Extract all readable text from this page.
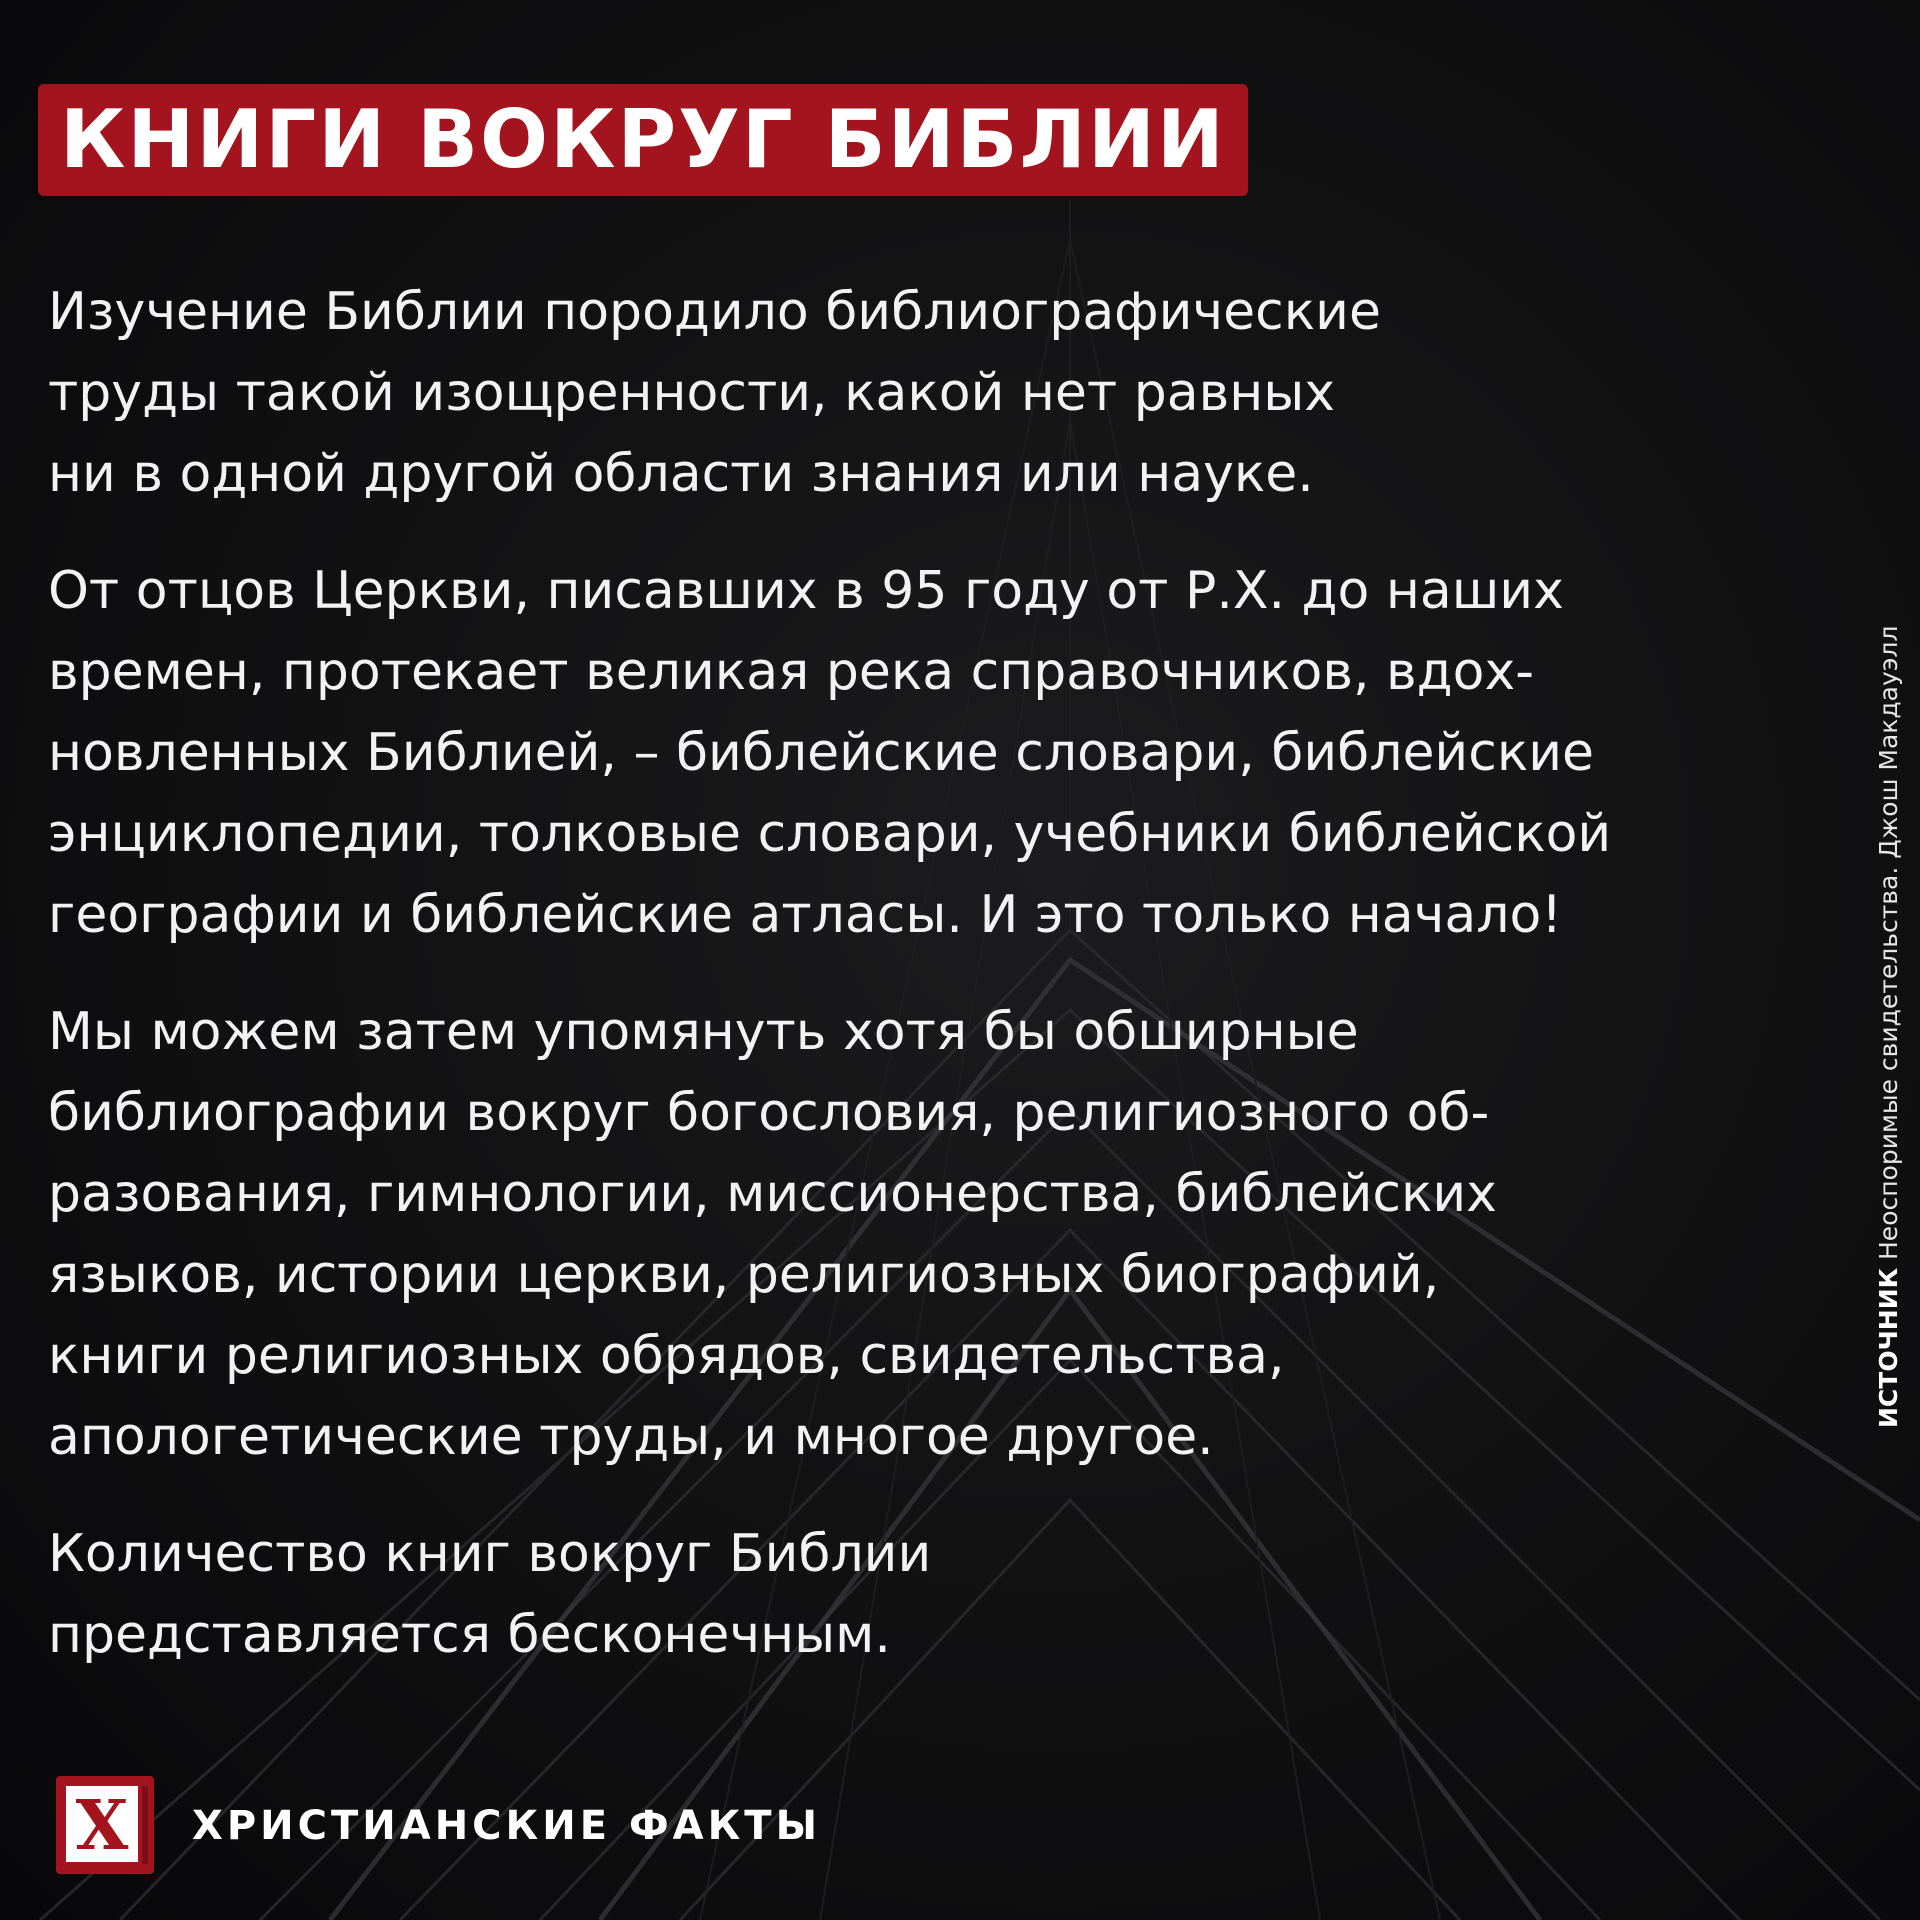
КНИГИ ВОКРУГ БИБЛИИ

Изучение Библии породило библиографические
труды такой изощренности, какой нет равных
ни в одной другой области знания или науке.

От отцов Церкви, писавших в 95 году от Р.Х. до наших
времен, протекает великая река справочников, вдох-
новленных Библией, – библейские словари, библейские
энциклопедии, толковые словари, учебники библейской
географии и библейские атласы. И это только начало!

Мы можем затем упомянуть хотя бы обширные
библиографии вокруг богословия, религиозного об-
разования, гимнологии, миссионерства, библейских
языков, истории церкви, религиозных биографий,
книги религиозных обрядов, свидетельства,
апологетические труды, и многое другое.

Количество книг вокруг Библии
представляется бесконечным.

ИСТОЧНИК Неоспоримые свидетельства. Джош Макдауэлл
X ХРИСТИАНСКИЕ ФАКТЫ
